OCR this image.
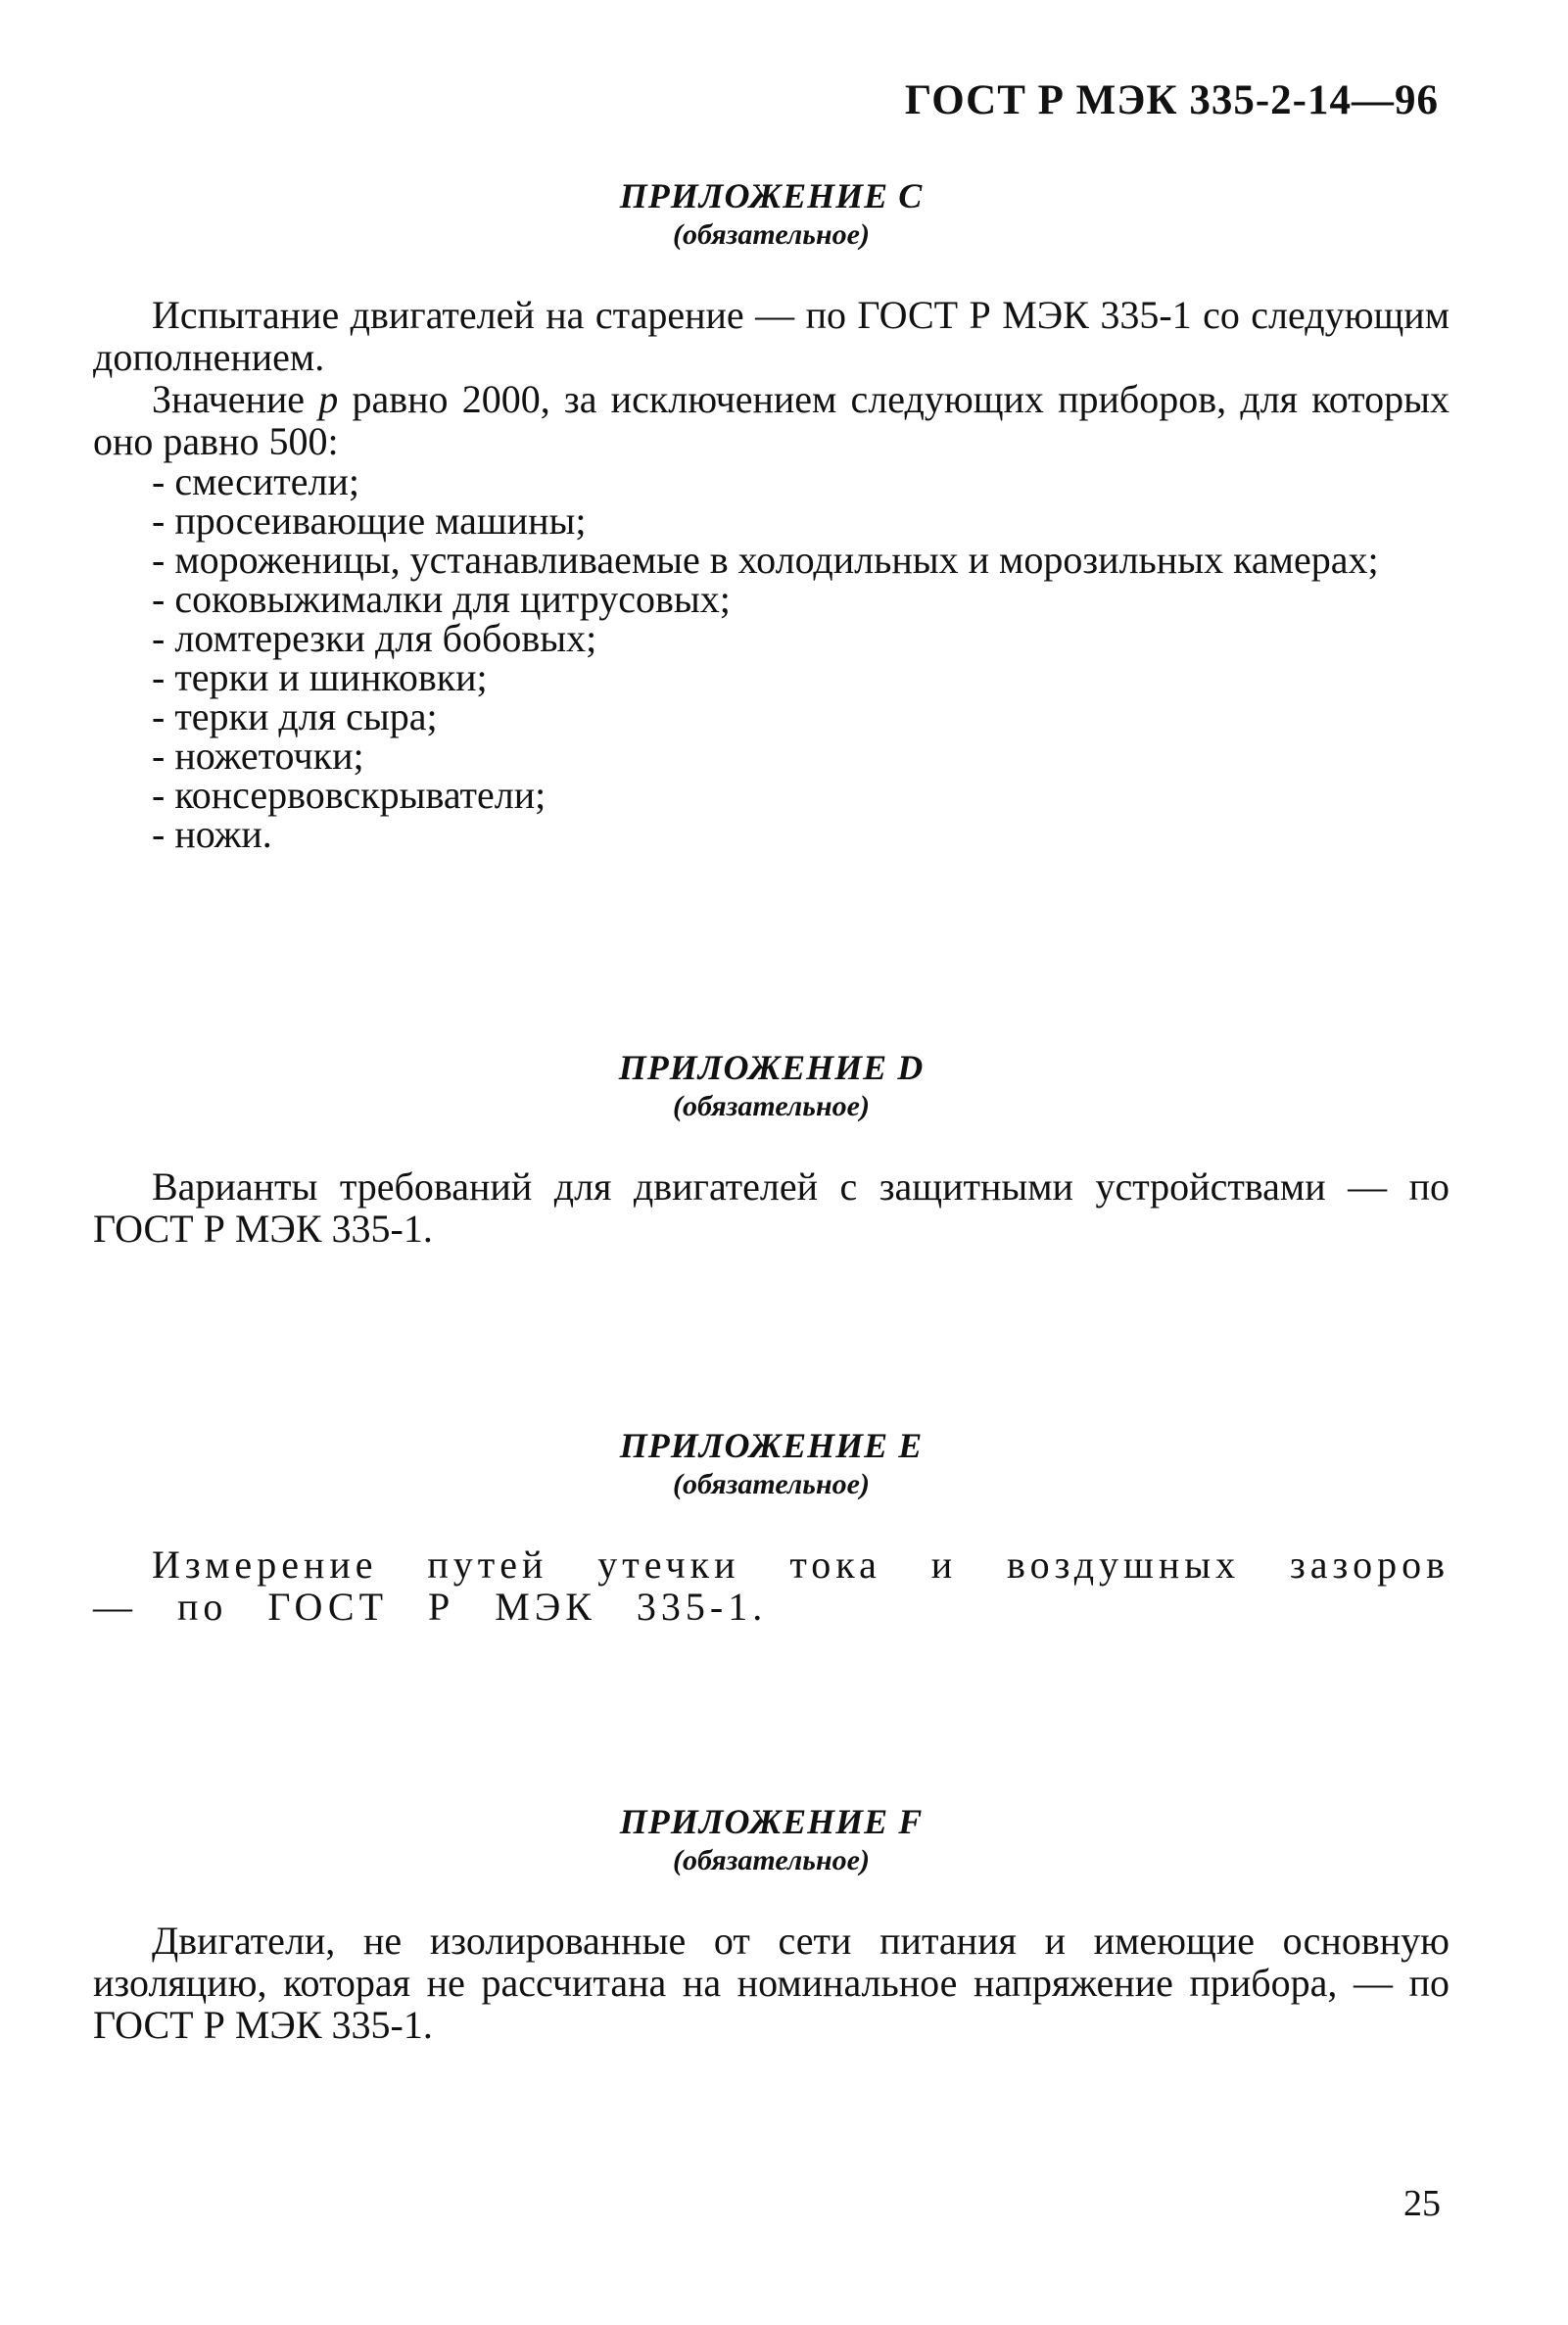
ГОСТ Р МЭК 335-2-14—96

ПРИЛОЖЕНИЕ C

(обязательное)

Испытание двигателей на старение — по ГОСТ Р МЭК 335-1 со следующим дополнением.

Значение p равно 2000, за исключением следующих приборов, для которых оно равно 500:

- смесители;
- просеивающие машины;
- мороженицы, устанавливаемые в холодильных и морозильных камерах;
- соковыжималки для цитрусовых;
- ломтерезки для бобовых;
- терки и шинковки;
- терки для сыра;
- ножеточки;
- консервовскрыватели;
- ножи.

ПРИЛОЖЕНИЕ D

(обязательное)

Варианты требований для двигателей с защитными устройствами — по ГОСТ Р МЭК 335-1.

ПРИЛОЖЕНИЕ E

(обязательное)

Измерение путей утечки тока и воздушных зазоров — по ГОСТ Р МЭК 335-1.

ПРИЛОЖЕНИЕ F

(обязательное)

Двигатели, не изолированные от сети питания и имеющие основную изоляцию, которая не рассчитана на номинальное напряжение прибора, — по ГОСТ Р МЭК 335-1.

25
